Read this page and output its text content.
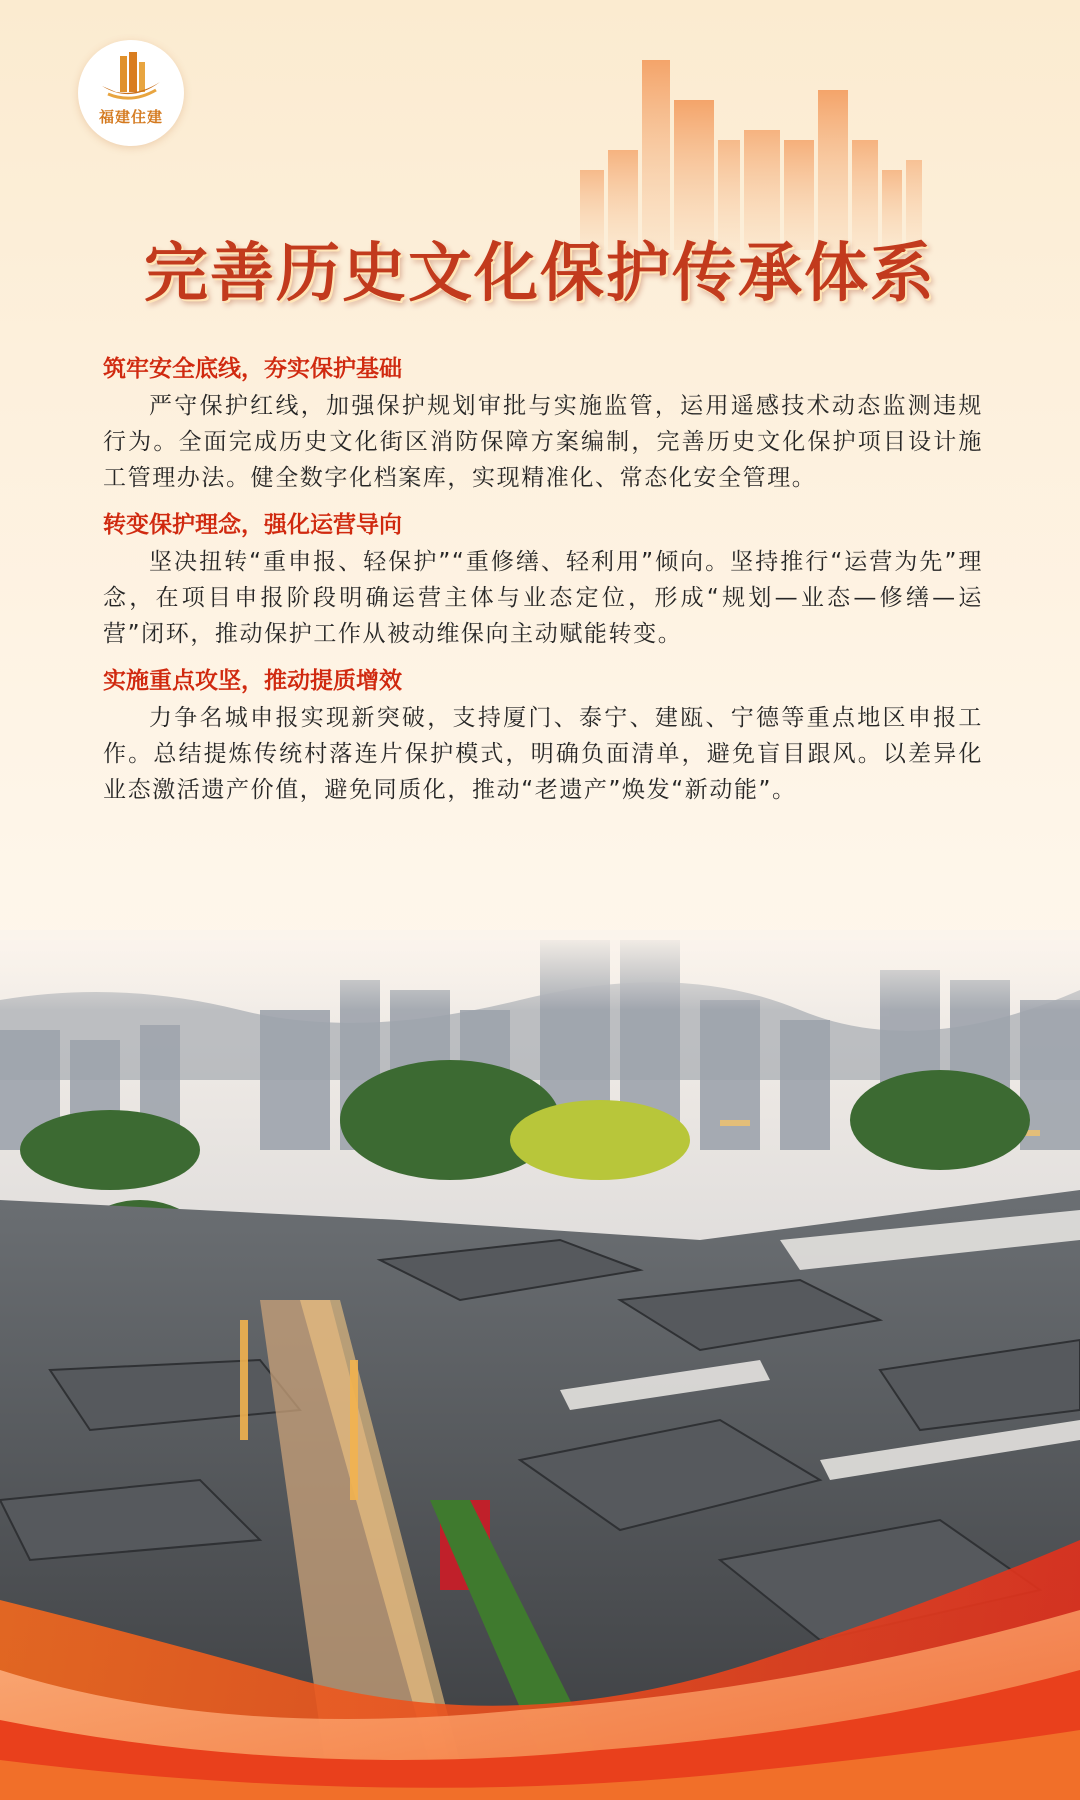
福建住建
完善历史文化保护传承体系

筑牢安全底线，夯实保护基础

严守保护红线，加强保护规划审批与实施监管，运用遥感技术动态监测违规行为。全面完成历史文化街区消防保障方案编制，完善历史文化保护项目设计施工管理办法。健全数字化档案库，实现精准化、常态化安全管理。

转变保护理念，强化运营导向

坚决扭转“重申报、轻保护”“重修缮、轻利用”倾向。坚持推行“运营为先”理念，在项目申报阶段明确运营主体与业态定位，形成“规划—业态—修缮—运营”闭环，推动保护工作从被动维保向主动赋能转变。

实施重点攻坚，推动提质增效

力争名城申报实现新突破，支持厦门、泰宁、建瓯、宁德等重点地区申报工作。总结提炼传统村落连片保护模式，明确负面清单，避免盲目跟风。以差异化业态激活遗产价值，避免同质化，推动“老遗产”焕发“新动能”。
